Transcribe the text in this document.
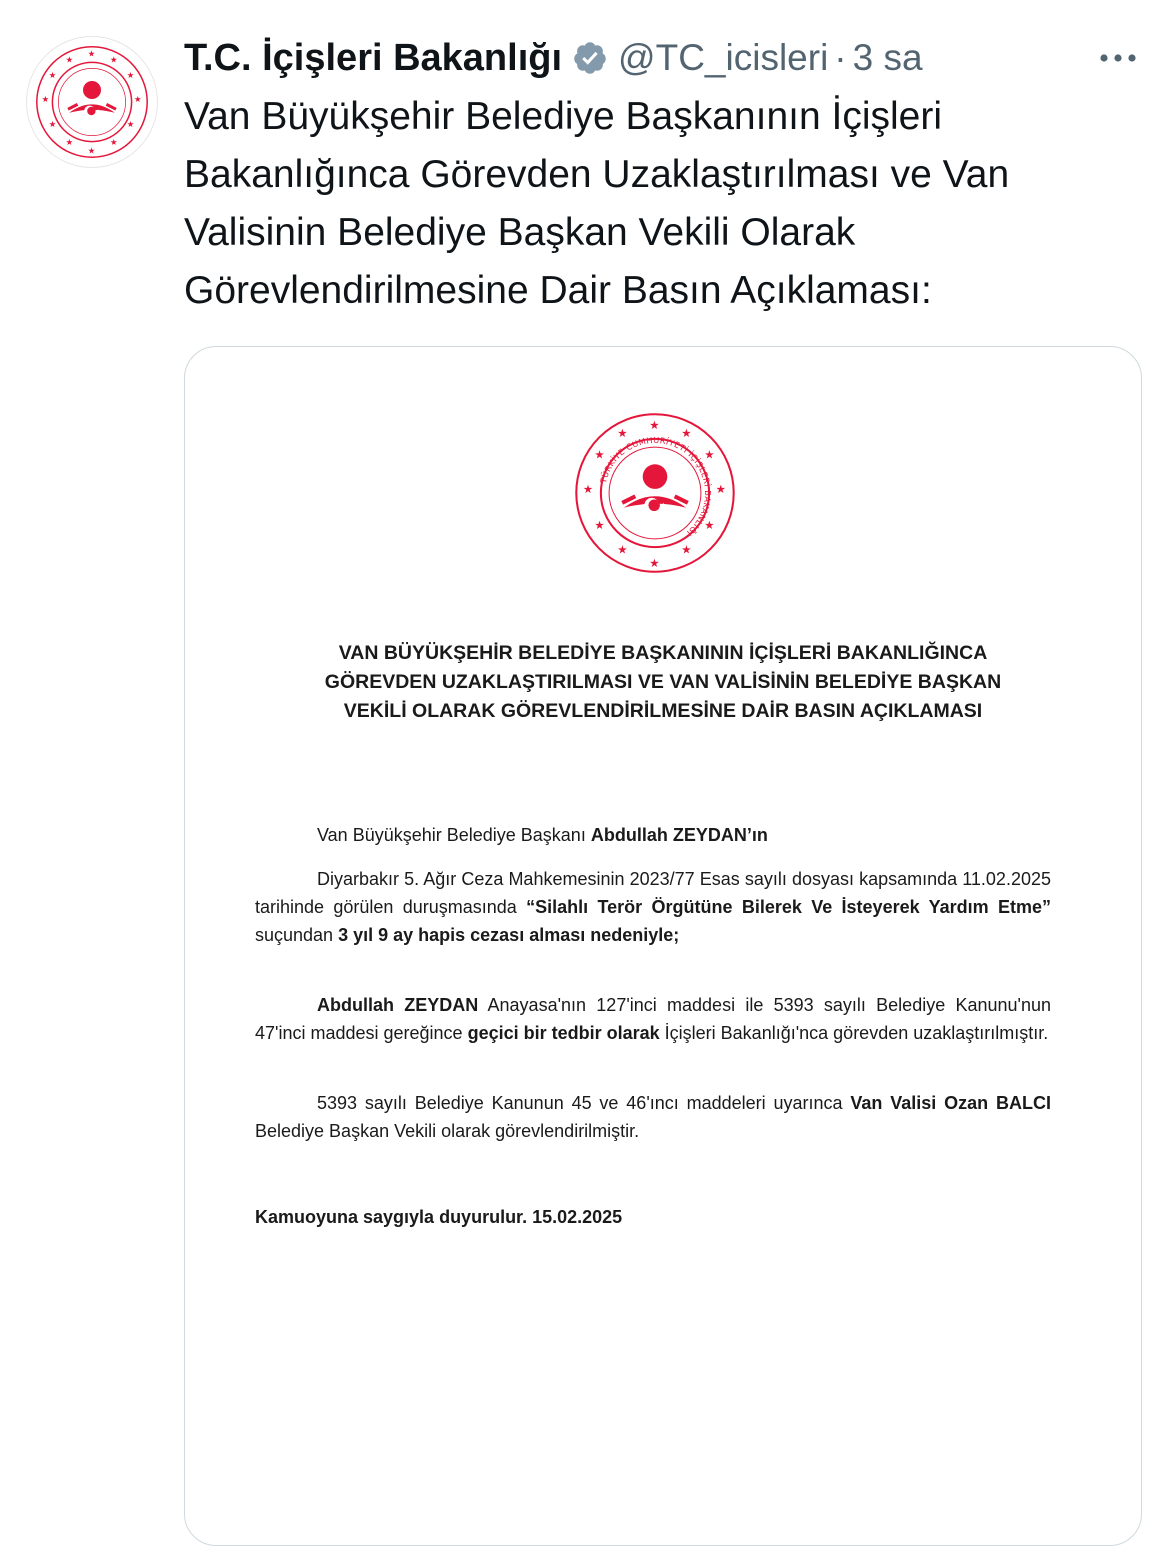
★
★
★
★
★
★
★
★
★
★
★
★
★
T.C. İçişleri Bakanlığı @TC_icisleri · 3 sa
Van Büyükşehir Belediye Başkanının İçişleri Bakanlığınca Görevden Uzaklaştırılması ve Van Valisinin Belediye Başkan Vekili Olarak Görevlendirilmesine Dair Basın Açıklaması:
TÜRKİYE CUMHURİYETİ İÇİŞLERİ BAKANLIĞI
★
★
★
★
★
★
★
★
★
★
★
★
★
VAN BÜYÜKŞEHİR BELEDİYE BAŞKANININ İÇİŞLERİ BAKANLIĞINCA
GÖREVDEN UZAKLAŞTIRILMASI VE VAN VALİSİNİN BELEDİYE BAŞKAN
VEKİLİ OLARAK GÖREVLENDİRİLMESİNE DAİR BASIN AÇIKLAMASI
Van Büyükşehir Belediye Başkanı Abdullah ZEYDAN’ın
Diyarbakır 5. Ağır Ceza Mahkemesinin 2023/77 Esas sayılı dosyası kapsamında 11.02.2025 tarihinde görülen duruşmasında “Silahlı Terör Örgütüne Bilerek Ve İsteyerek Yardım Etme” suçundan 3 yıl 9 ay hapis cezası alması nedeniyle;
Abdullah ZEYDAN Anayasa'nın 127'inci maddesi ile 5393 sayılı Belediye Kanunu'nun 47'inci maddesi gereğince geçici bir tedbir olarak İçişleri Bakanlığı'nca görevden uzaklaştırılmıştır.
5393 sayılı Belediye Kanunun 45 ve 46'ıncı maddeleri uyarınca Van Valisi Ozan BALCI Belediye Başkan Vekili olarak görevlendirilmiştir.
Kamuoyuna saygıyla duyurulur. 15.02.2025
